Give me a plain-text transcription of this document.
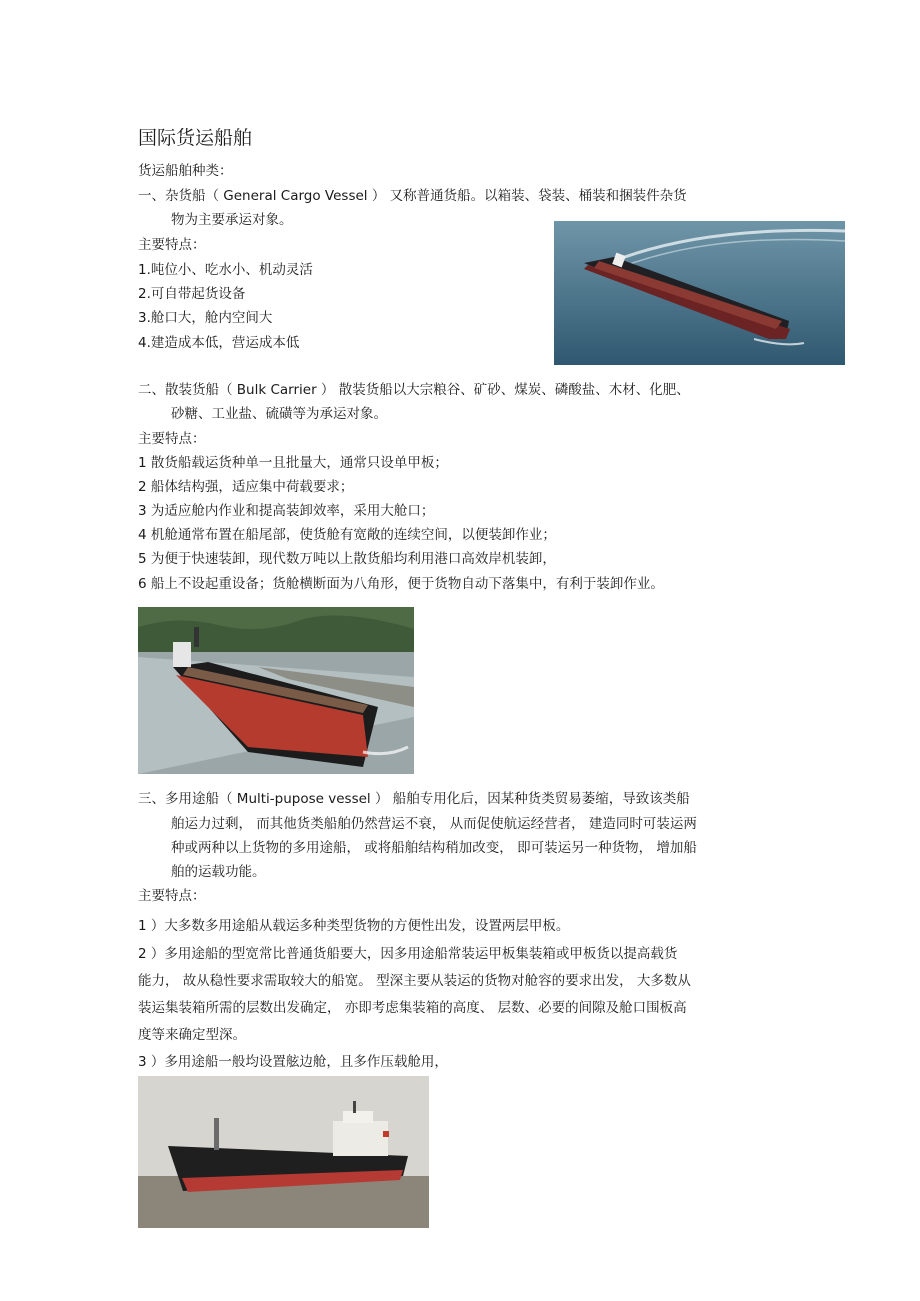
国际货运船舶
货运船舶种类：
一、杂货船（ General Cargo Vessel ） 又称普通货船。以箱装、袋装、桶装和捆装件杂货
物为主要承运对象。
主要特点：
1.吨位小、吃水小、机动灵活
2.可自带起货设备
3.舱口大，舱内空间大
4.建造成本低，营运成本低
二、散装货船（ Bulk Carrier ） 散装货船以大宗粮谷、矿砂、煤炭、磷酸盐、木材、化肥、
砂糖、工业盐、硫磺等为承运对象。
主要特点：
1 散货船载运货种单一且批量大，通常只设单甲板；
2 船体结构强，适应集中荷载要求；
3 为适应舱内作业和提高装卸效率，采用大舱口；
4 机舱通常布置在船尾部，使货舱有宽敞的连续空间，以便装卸作业；
5 为便于快速装卸，现代数万吨以上散货船均利用港口高效岸机装卸，
6 船上不设起重设备；货舱横断面为八角形，便于货物自动下落集中，有利于装卸作业。
三、多用途船（ Multi-pupose vessel ） 船舶专用化后，因某种货类贸易萎缩，导致该类船
舶运力过剩， 而其他货类船舶仍然营运不衰， 从而促使航运经营者， 建造同时可装运两
种或两种以上货物的多用途船， 或将船舶结构稍加改变， 即可装运另一种货物， 增加船
舶的运载功能。
主要特点：
1 ）大多数多用途船从载运多种类型货物的方便性出发，设置两层甲板。
2 ）多用途船的型宽常比普通货船要大，因多用途船常装运甲板集装箱或甲板货以提高载货
能力， 故从稳性要求需取较大的船宽。 型深主要从装运的货物对舱容的要求出发， 大多数从
装运集装箱所需的层数出发确定， 亦即考虑集装箱的高度、 层数、必要的间隙及舱口围板高
度等来确定型深。
3 ）多用途船一般均设置舷边舱，且多作压载舱用，
